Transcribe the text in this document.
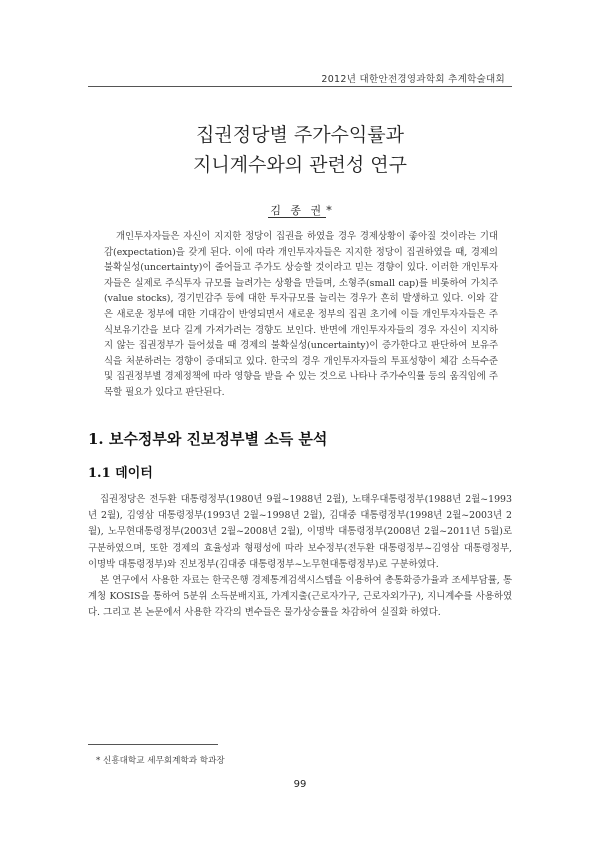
2012년 대한안전경영과학회 추계학술대회
집권정당별 주가수익률과
지니계수와의 관련성 연구
김 종 권 *

개인투자자들은 자신이 지지한 정당이 집권을 하였을 경우 경제상황이 좋아질 것이라는 기대감(expectation)을 갖게 된다. 이에 따라 개인투자자들은 지지한 정당이 집권하였을 때, 경제의 불확실성(uncertainty)이 줄어들고 주가도 상승할 것이라고 믿는 경향이 있다. 이러한 개인투자자들은 실제로 주식투자 규모를 늘려가는 상황을 만들며, 소형주(small cap)를 비롯하여 가치주(value stocks), 경기민감주 등에 대한 투자규모를 늘리는 경우가 흔히 발생하고 있다. 이와 같은 새로운 정부에 대한 기대감이 반영되면서 새로운 정부의 집권 초기에 이들 개인투자자들은 주식보유기간을 보다 길게 가져가려는 경향도 보인다. 반면에 개인투자자들의 경우 자신이 지지하지 않는 집권정부가 들어섰을 때 경제의 불확실성(uncertainty)이 증가한다고 판단하여 보유주식을 처분하려는 경향이 증대되고 있다. 한국의 경우 개인투자자들의 투표성향이 체감 소득수준 및 집권정부별 경제정책에 따라 영향을 받을 수 있는 것으로 나타나 주가수익률 등의 움직임에 주목할 필요가 있다고 판단된다.

1. 보수정부와 진보정부별 소득 분석
1.1 데이터

집권정당은 전두환 대통령정부(1980년 9월~1988년 2월), 노태우대통령정부(1988년 2월~1993년 2월), 김영삼 대통령정부(1993년 2월~1998년 2월), 김대중 대통령정부(1998년 2월~2003년 2월), 노무현대통령정부(2003년 2월~2008년 2월), 이명박 대통령정부(2008년 2월~2011년 5월)로 구분하였으며, 또한 경제의 효율성과 형평성에 따라 보수정부(전두환 대통령정부~김영삼 대통령정부, 이명박 대통령정부)와 진보정부(김대중 대통령정부~노무현대통령정부)로 구분하였다.

본 연구에서 사용한 자료는 한국은행 경제통계검색시스템을 이용하여 총통화증가율과 조세부담률, 통계청 KOSIS을 통하여 5분위 소득분배지표, 가계지출(근로자가구, 근로자외가구), 지니계수를 사용하였다. 그리고 본 논문에서 사용한 각각의 변수들은 물가상승률을 차감하여 실질화 하였다.

* 신흥대학교 세무회계학과 학과장
99
